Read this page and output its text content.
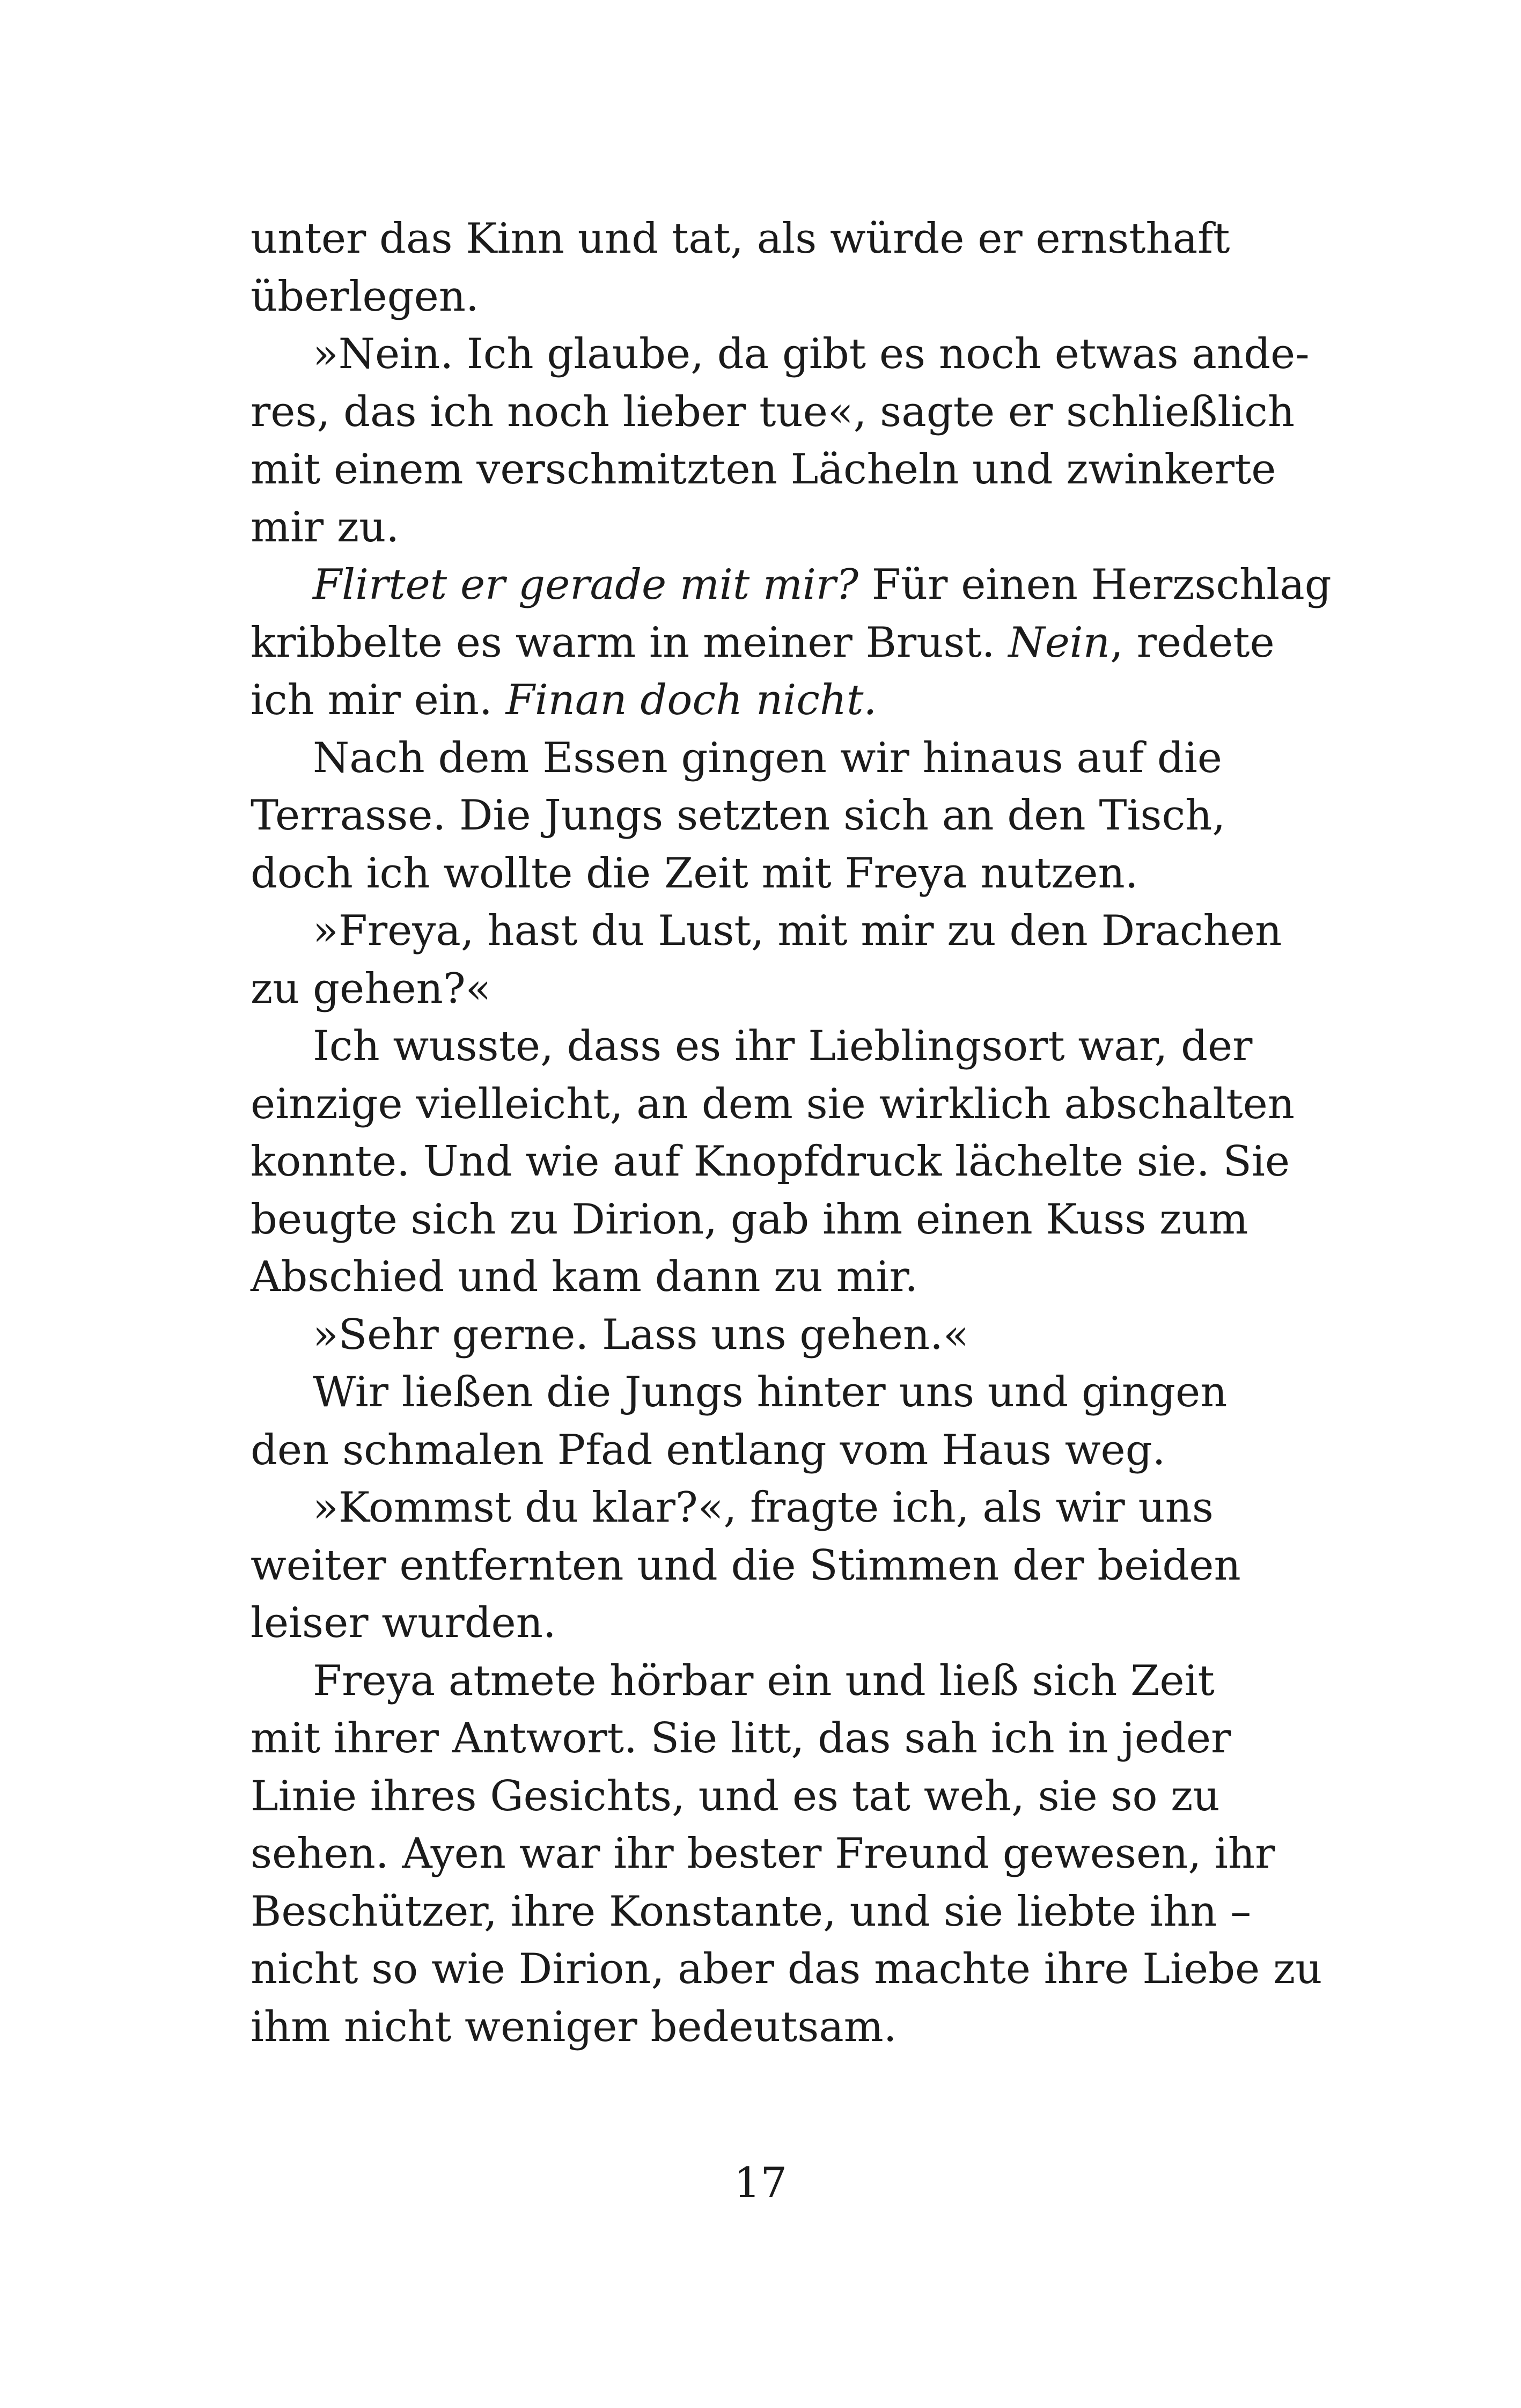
unter das Kinn und tat, als würde er ernsthaft
überlegen.
»Nein. Ich glaube, da gibt es noch etwas ande-
res, das ich noch lieber tue«, sagte er schließlich
mit einem verschmitzten Lächeln und zwinkerte
mir zu.
Flirtet er gerade mit mir? Für einen Herzschlag
kribbelte es warm in meiner Brust. Nein, redete
ich mir ein. Finan doch nicht.
Nach dem Essen gingen wir hinaus auf die
Terrasse. Die Jungs setzten sich an den Tisch,
doch ich wollte die Zeit mit Freya nutzen.
»Freya, hast du Lust, mit mir zu den Drachen
zu gehen?«
Ich wusste, dass es ihr Lieblingsort war, der
einzige vielleicht, an dem sie wirklich abschalten
konnte. Und wie auf Knopfdruck lächelte sie. Sie
beugte sich zu Dirion, gab ihm einen Kuss zum
Abschied und kam dann zu mir.
»Sehr gerne. Lass uns gehen.«
Wir ließen die Jungs hinter uns und gingen
den schmalen Pfad entlang vom Haus weg.
»Kommst du klar?«, fragte ich, als wir uns
weiter entfernten und die Stimmen der beiden
leiser wurden.
Freya atmete hörbar ein und ließ sich Zeit
mit ihrer Antwort. Sie litt, das sah ich in jeder
Linie ihres Gesichts, und es tat weh, sie so zu
sehen. Ayen war ihr bester Freund gewesen, ihr
Beschützer, ihre Konstante, und sie liebte ihn –
nicht so wie Dirion, aber das machte ihre Liebe zu
ihm nicht weniger bedeutsam.
17
